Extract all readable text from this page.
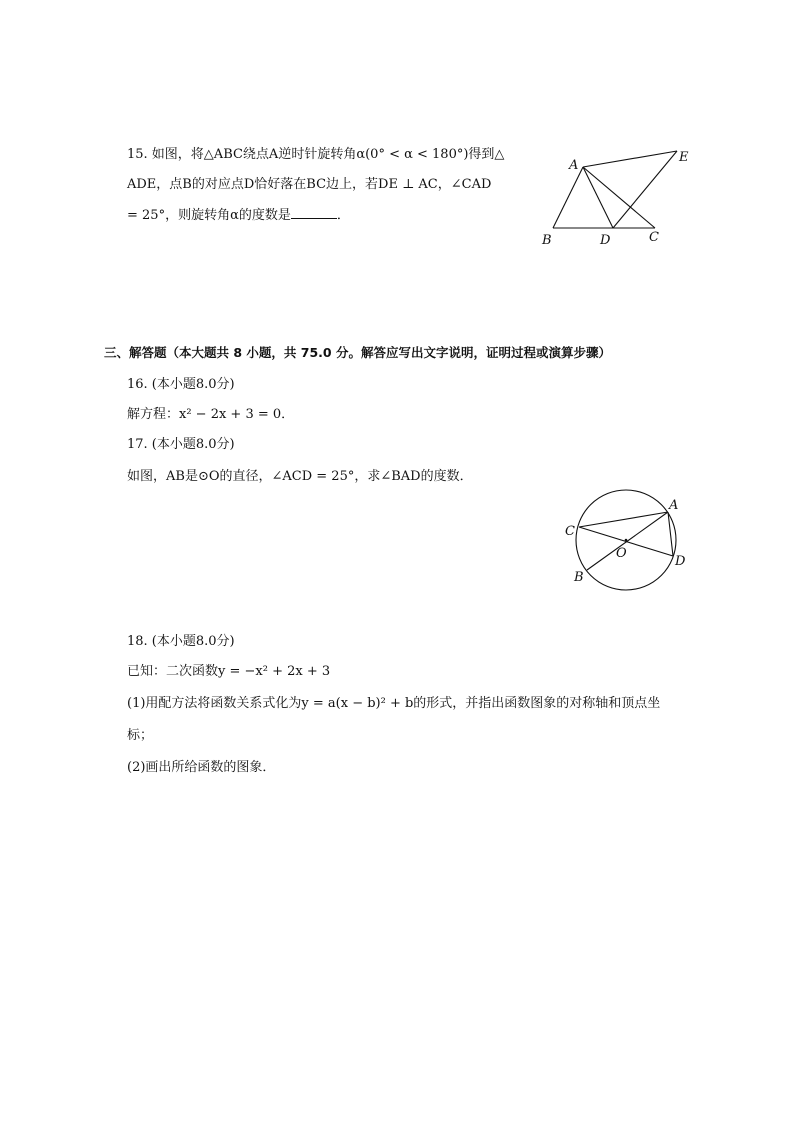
15. 如图，将△ABC绕点A逆时针旋转角α(0° < α < 180°)得到△
ADE，点B的对应点D恰好落在BC边上，若DE ⊥ AC，∠CAD
= 25°，则旋转角α的度数是	．
A
E
B	D	C
三、解答题（本大题共 8 小题，共 75.0 分。解答应写出文字说明，证明过程或演算步骤）
16. (本小题8.0分)
解方程：x² − 2x + 3 = 0．
17. (本小题8.0分)
如图，AB是⊙O的直径，∠ACD = 25°，求∠BAD的度数．
A
C
O
B
D
18. (本小题8.0分)
已知：二次函数y = −x² + 2x + 3
(1)用配方法将函数关系式化为y = a(x − b)² + b的形式，并指出函数图象的对称轴和顶点坐
标；
(2)画出所给函数的图象．
